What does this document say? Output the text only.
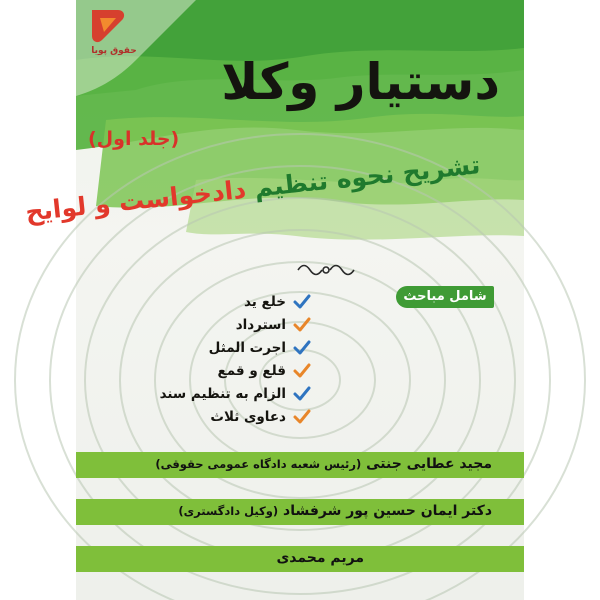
حقوق پویا
دستیار وکلا
(جلد اول)
تشریح نحوه تنظیم دادخواست و لوایح
شامل مباحث
خلع ید
استرداد
اجرت المثل
قلع و قمع
الزام به تنظیم سند
دعاوی ثلاث
مجید عطایی جنتی (رئیس شعبه دادگاه عمومی حقوقی)
دکتر ایمان حسین پور شرفشاد (وکیل دادگستری)
مریم محمدی
